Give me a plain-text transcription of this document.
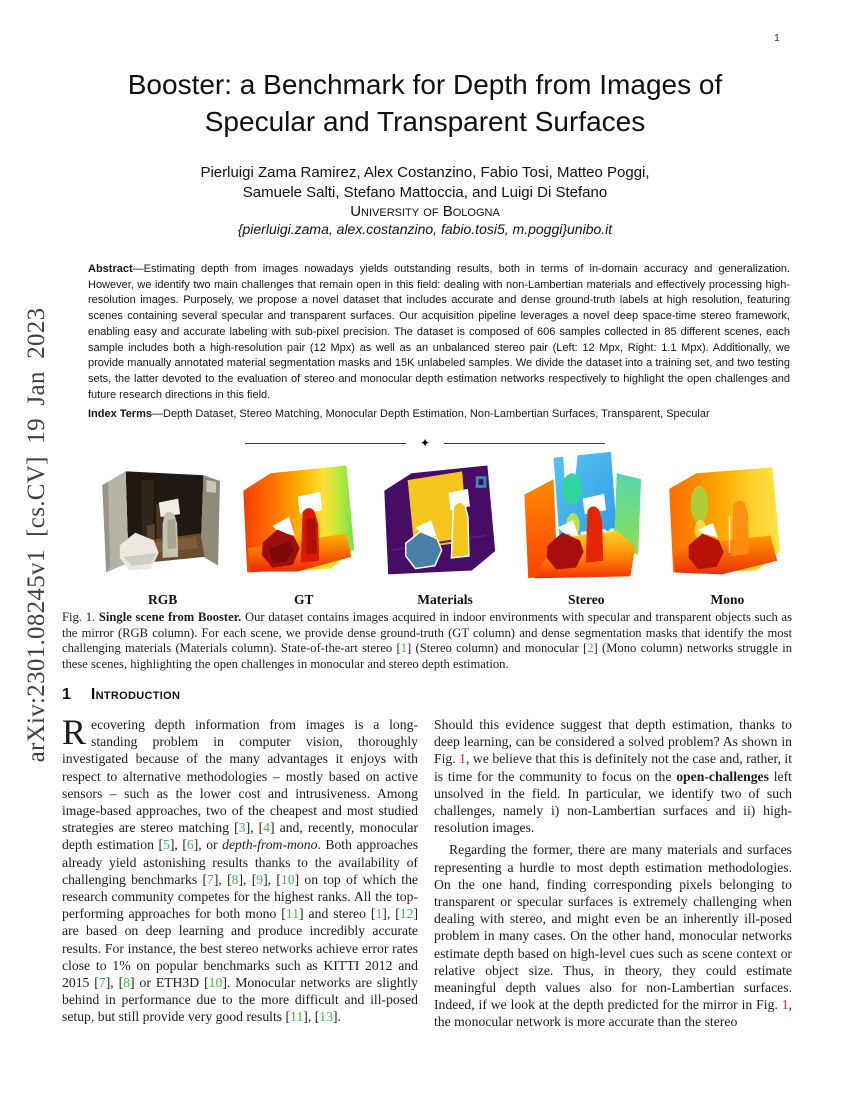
1
arXiv:2301.08245v1 [cs.CV] 19 Jan 2023
Booster: a Benchmark for Depth from Images of
Specular and Transparent Surfaces
Pierluigi Zama Ramirez, Alex Costanzino, Fabio Tosi, Matteo Poggi,
Samuele Salti, Stefano Mattoccia, and Luigi Di Stefano
University of Bologna
{pierluigi.zama, alex.costanzino, fabio.tosi5, m.poggi}unibo.it
Abstract—Estimating depth from images nowadays yields outstanding results, both in terms of in-domain accuracy and generalization. However, we identify two main challenges that remain open in this field: dealing with non-Lambertian materials and effectively processing high-resolution images. Purposely, we propose a novel dataset that includes accurate and dense ground-truth labels at high resolution, featuring scenes containing several specular and transparent surfaces. Our acquisition pipeline leverages a novel deep space-time stereo framework, enabling easy and accurate labeling with sub-pixel precision. The dataset is composed of 606 samples collected in 85 different scenes, each sample includes both a high-resolution pair (12 Mpx) as well as an unbalanced stereo pair (Left: 12 Mpx, Right: 1.1 Mpx). Additionally, we provide manually annotated material segmentation masks and 15K unlabeled samples. We divide the dataset into a training set, and two testing sets, the latter devoted to the evaluation of stereo and monocular depth estimation networks respectively to highlight the open challenges and future research directions in this field.
Index Terms—Depth Dataset, Stereo Matching, Monocular Depth Estimation, Non-Lambertian Surfaces, Transparent, Specular
✦
RGB	GT	Materials	Stereo	Mono
Fig. 1. Single scene from Booster. Our dataset contains images acquired in indoor environments with specular and transparent objects such as the mirror (RGB column). For each scene, we provide dense ground-truth (GT column) and dense segmentation masks that identify the most challenging materials (Materials column). State-of-the-art stereo [1] (Stereo column) and monocular [2] (Mono column) networks struggle in these scenes, highlighting the open challenges in monocular and stereo depth estimation.
1 Introduction

Recovering depth information from images is a long-standing problem in computer vision, thoroughly investigated because of the many advantages it enjoys with respect to alternative methodologies – mostly based on active sensors – such as the lower cost and intrusiveness. Among image-based approaches, two of the cheapest and most studied strategies are stereo matching [3], [4] and, recently, monocular depth estimation [5], [6], or depth-from-mono. Both approaches already yield astonishing results thanks to the availability of challenging benchmarks [7], [8], [9], [10] on top of which the research community competes for the highest ranks. All the top-performing approaches for both mono [11] and stereo [1], [12] are based on deep learning and produce incredibly accurate results. For instance, the best stereo networks achieve error rates close to 1% on popular benchmarks such as KITTI 2012 and 2015 [7], [8] or ETH3D [10]. Monocular networks are slightly behind in performance due to the more difficult and ill-posed setup, but still provide very good results [11], [13].

Should this evidence suggest that depth estimation, thanks to deep learning, can be considered a solved problem? As shown in Fig. 1, we believe that this is definitely not the case and, rather, it is time for the community to focus on the open-challenges left unsolved in the field. In particular, we identify two of such challenges, namely i) non-Lambertian surfaces and ii) high-resolution images.

Regarding the former, there are many materials and surfaces representing a hurdle to most depth estimation methodologies. On the one hand, finding corresponding pixels belonging to transparent or specular surfaces is extremely challenging when dealing with stereo, and might even be an inherently ill-posed problem in many cases. On the other hand, monocular networks estimate depth based on high-level cues such as scene context or relative object size. Thus, in theory, they could estimate meaningful depth values also for non-Lambertian surfaces. Indeed, if we look at the depth predicted for the mirror in Fig. 1, the monocular network is more accurate than the stereo
